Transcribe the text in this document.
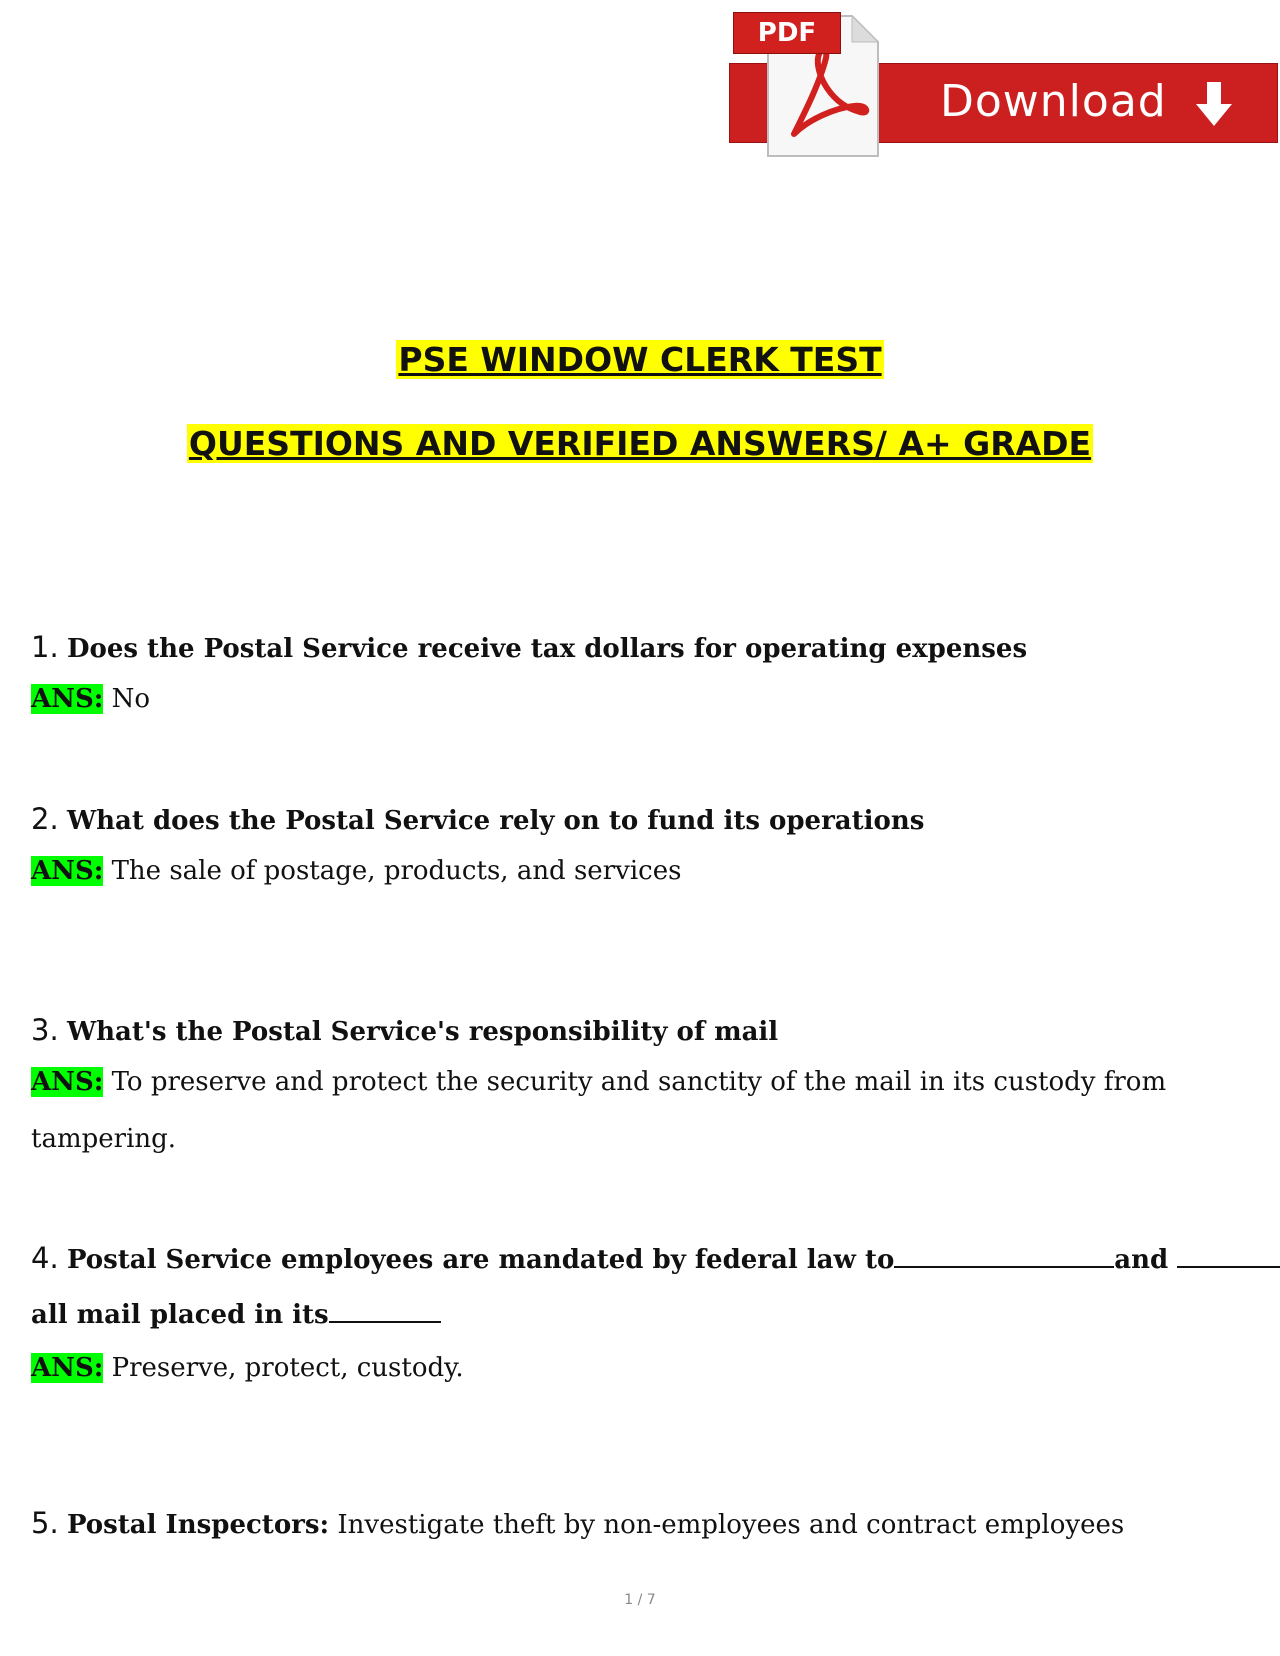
Download
PDF
PSE WINDOW CLERK TEST
QUESTIONS AND VERIFIED ANSWERS/ A+ GRADE
1. Does the Postal Service receive tax dollars for operating expenses
ANS: No
2. What does the Postal Service rely on to fund its operations
ANS: The sale of postage, products, and services
3. What's the Postal Service's responsibility of mail
ANS: To preserve and protect the security and sanctity of the mail in its custody from
tampering.
4. Postal Service employees are mandated by federal law to	and
all mail placed in its
ANS: Preserve, protect, custody.
5. Postal Inspectors: Investigate theft by non-employees and contract employees
1 / 7
